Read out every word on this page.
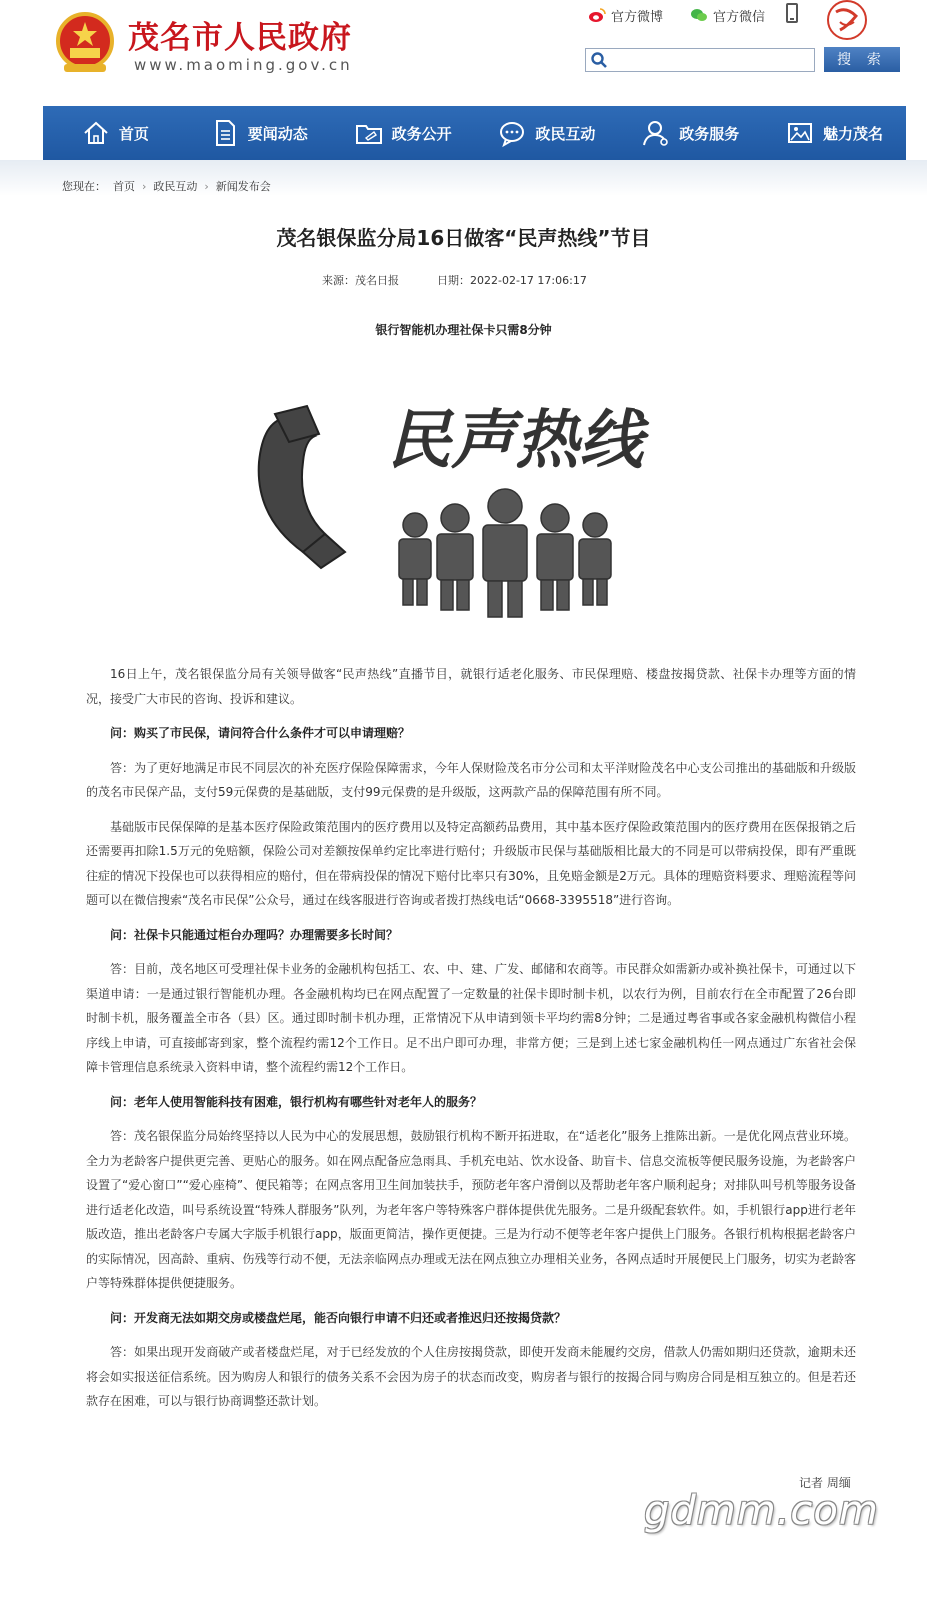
茂名市人民政府
www.maoming.gov.cn
官方微博	官方微信
搜 索
首页	要闻动态	政务公开	政民互动	政务服务	魅力茂名
您现在： 首页 › 政民互动 › 新闻发布会
茂名银保监分局16日做客“民声热线”节目
来源：茂名日报	日期：2022-02-17 17:06:17
银行智能机办理社保卡只需8分钟
民声热线

16日上午，茂名银保监分局有关领导做客“民声热线”直播节目，就银行适老化服务、市民保理赔、楼盘按揭贷款、社保卡办理等方面的情况，接受广大市民的咨询、投诉和建议。

问：购买了市民保，请问符合什么条件才可以申请理赔？

答：为了更好地满足市民不同层次的补充医疗保险保障需求，今年人保财险茂名市分公司和太平洋财险茂名中心支公司推出的基础版和升级版的茂名市民保产品，支付59元保费的是基础版，支付99元保费的是升级版，这两款产品的保障范围有所不同。

基础版市民保保障的是基本医疗保险政策范围内的医疗费用以及特定高额药品费用，其中基本医疗保险政策范围内的医疗费用在医保报销之后还需要再扣除1.5万元的免赔额，保险公司对差额按保单约定比率进行赔付；升级版市民保与基础版相比最大的不同是可以带病投保，即有严重既往症的情况下投保也可以获得相应的赔付，但在带病投保的情况下赔付比率只有30%，且免赔金额是2万元。具体的理赔资料要求、理赔流程等问题可以在微信搜索“茂名市民保”公众号，通过在线客服进行咨询或者拨打热线电话“0668-3395518”进行咨询。

问：社保卡只能通过柜台办理吗？办理需要多长时间？

答：目前，茂名地区可受理社保卡业务的金融机构包括工、农、中、建、广发、邮储和农商等。市民群众如需新办或补换社保卡，可通过以下渠道申请：一是通过银行智能机办理。各金融机构均已在网点配置了一定数量的社保卡即时制卡机，以农行为例，目前农行在全市配置了26台即时制卡机，服务覆盖全市各（县）区。通过即时制卡机办理，正常情况下从申请到领卡平均约需8分钟；二是通过粤省事或各家金融机构微信小程序线上申请，可直接邮寄到家，整个流程约需12个工作日。足不出户即可办理，非常方便；三是到上述七家金融机构任一网点通过广东省社会保障卡管理信息系统录入资料申请，整个流程约需12个工作日。

问：老年人使用智能科技有困难，银行机构有哪些针对老年人的服务？

答：茂名银保监分局始终坚持以人民为中心的发展思想，鼓励银行机构不断开拓进取，在“适老化”服务上推陈出新。一是优化网点营业环境。全力为老龄客户提供更完善、更贴心的服务。如在网点配备应急雨具、手机充电站、饮水设备、助盲卡、信息交流板等便民服务设施，为老龄客户设置了“爱心窗口”“爱心座椅”、便民箱等；在网点客用卫生间加装扶手，预防老年客户滑倒以及帮助老年客户顺利起身；对排队叫号机等服务设备进行适老化改造，叫号系统设置“特殊人群服务”队列，为老年客户等特殊客户群体提供优先服务。二是升级配套软件。如，手机银行app进行老年版改造，推出老龄客户专属大字版手机银行app，版面更简洁，操作更便捷。三是为行动不便等老年客户提供上门服务。各银行机构根据老龄客户的实际情况，因高龄、重病、伤残等行动不便，无法亲临网点办理或无法在网点独立办理相关业务，各网点适时开展便民上门服务，切实为老龄客户等特殊群体提供便捷服务。

问：开发商无法如期交房或楼盘烂尾，能否向银行申请不归还或者推迟归还按揭贷款？

答：如果出现开发商破产或者楼盘烂尾，对于已经发放的个人住房按揭贷款，即使开发商未能履约交房，借款人仍需如期归还贷款，逾期未还将会如实报送征信系统。因为购房人和银行的债务关系不会因为房子的状态而改变，购房者与银行的按揭合同与购房合同是相互独立的。但是若还款存在困难，可以与银行协商调整还款计划。

记者 周缅
gdmm.com
